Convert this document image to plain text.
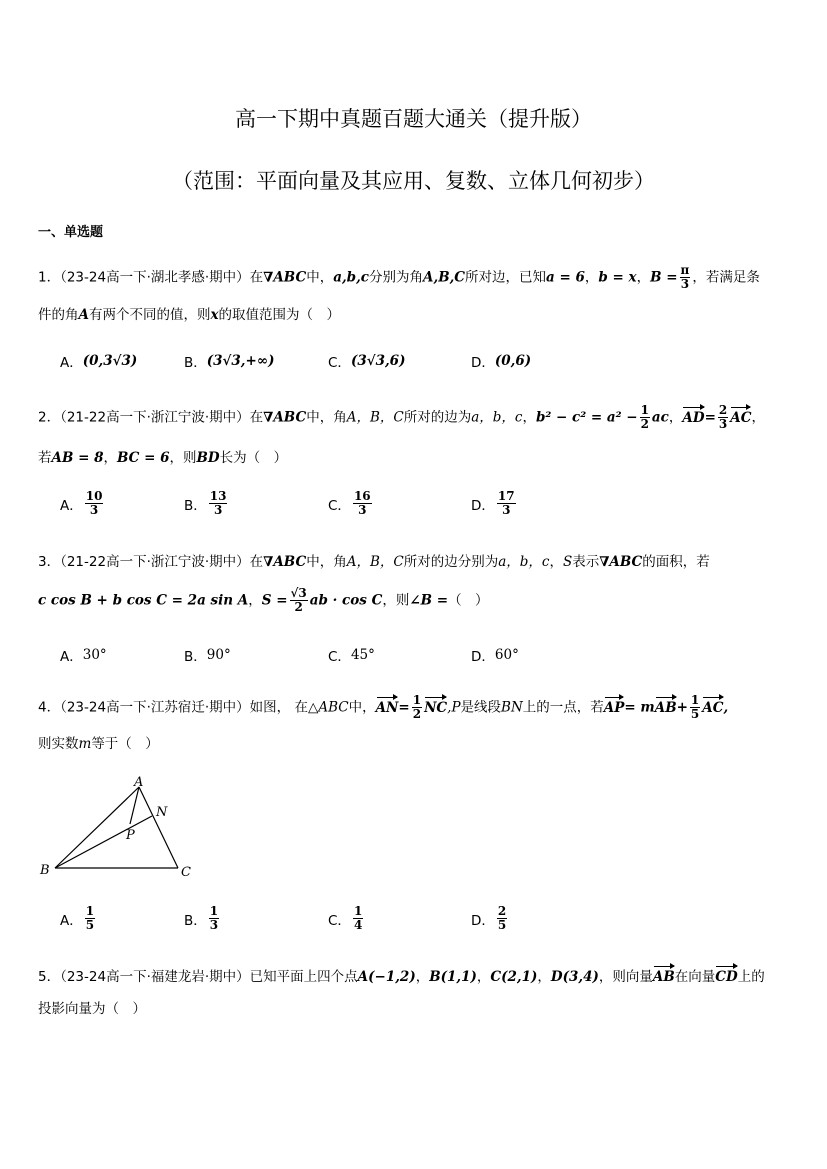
高一下期中真题百题大通关（提升版）
（范围：平面向量及其应用、复数、立体几何初步）
一、单选题
1．（23-24高一下·湖北孝感·期中）在∇ABC中，a,b,c分别为角A,B,C所对边，已知a = 6，b = x，$B = \frac{\pi}{3}$ ，若满足条
件的角A有两个不同的值，则x的取值范围为（　）
A． (0,3√3)	B． (3√3,+∞)	C． (3√3,6)	D． (0,6)
2．（21-22高一下·浙江宁波·期中）在∇ABC中，角A，B，C所对的边为a，b，c，$b^2 - c^2 = a^2 - \frac{1}{2}$ ac，$AD= \frac{2}{3}$ AC，
若AB = 8，BC = 6，则BD长为（　）
A． $\frac{10}{3}$	B． $\frac{13}{3}$	C． $\frac{16}{3}$	D． $\frac{17}{3}$
3．（21-22高一下·浙江宁波·期中）在∇ABC中，角A，B，C所对的边分别为a，b，c，S表示∇ABC的面积，若
c cos B + b cos C = 2a sin A，$S = \frac{√3}{2}$ ab · cos C，则∠B =（　）
A． 30°	B． 90°	C． 45°	D． 60°
4．（23-24高一下·江苏宿迁·期中）如图， 在△ABC中，$AN= \frac{1}{2} NC,P$是线段BN上的一点，若$AP= mAB+ \frac{1}{5}$ AC,
则实数m等于（　）
A
B	C
N
P
A． $\frac{1}{5}$	B． $\frac{1}{3}$	C． $\frac{1}{4}$	D． $\frac{2}{5}$
5．（23-24高一下·福建龙岩·期中）已知平面上四个点A(−1,2)，B(1,1)，C(2,1)，D(3,4)，则向量AB在向量CD上的
投影向量为（　）
